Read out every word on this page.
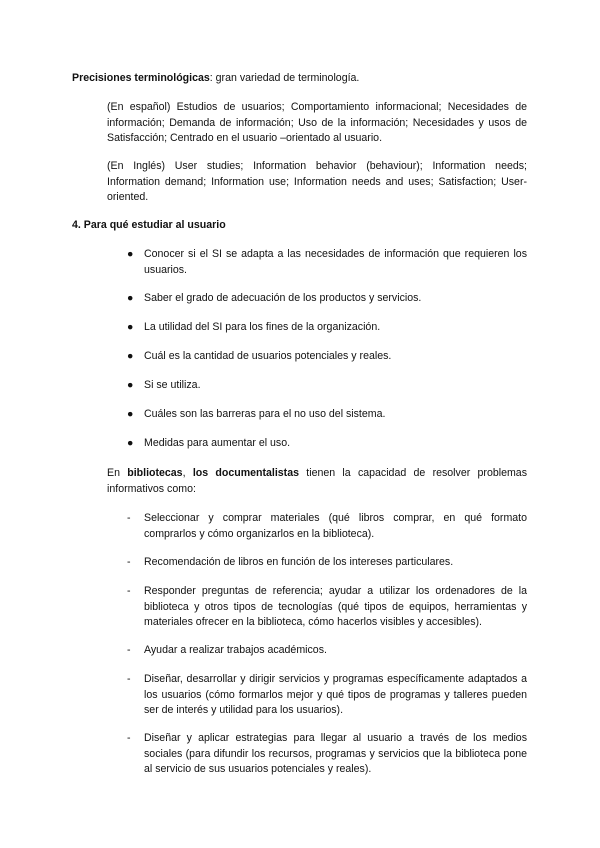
Precisiones terminológicas: gran variedad de terminología.

(En español) Estudios de usuarios; Comportamiento informacional; Necesidades de información; Demanda de información; Uso de la información; Necesidades y usos de Satisfacción; Centrado en el usuario –orientado al usuario.

(En Inglés) User studies; Information behavior (behaviour); Information needs; Information demand; Information use; Information needs and uses; Satisfaction; User-oriented.

4. Para qué estudiar al usuario

● Conocer si el SI se adapta a las necesidades de información que requieren los usuarios.
● Saber el grado de adecuación de los productos y servicios.
● La utilidad del SI para los fines de la organización.
● Cuál es la cantidad de usuarios potenciales y reales.
● Si se utiliza.
● Cuáles son las barreras para el no uso del sistema.
● Medidas para aumentar el uso.

En bibliotecas, los documentalistas tienen la capacidad de resolver problemas informativos como:

-	Seleccionar y comprar materiales (qué libros comprar, en qué formato comprarlos y cómo organizarlos en la biblioteca).
-	Recomendación de libros en función de los intereses particulares.
-	Responder preguntas de referencia; ayudar a utilizar los ordenadores de la biblioteca y otros tipos de tecnologías (qué tipos de equipos, herramientas y materiales ofrecer en la biblioteca, cómo hacerlos visibles y accesibles).
-	Ayudar a realizar trabajos académicos.
-	Diseñar, desarrollar y dirigir servicios y programas específicamente adaptados a los usuarios (cómo formarlos mejor y qué tipos de programas y talleres pueden ser de interés y utilidad para los usuarios).
-	Diseñar y aplicar estrategias para llegar al usuario a través de los medios sociales (para difundir los recursos, programas y servicios que la biblioteca pone al servicio de sus usuarios potenciales y reales).
